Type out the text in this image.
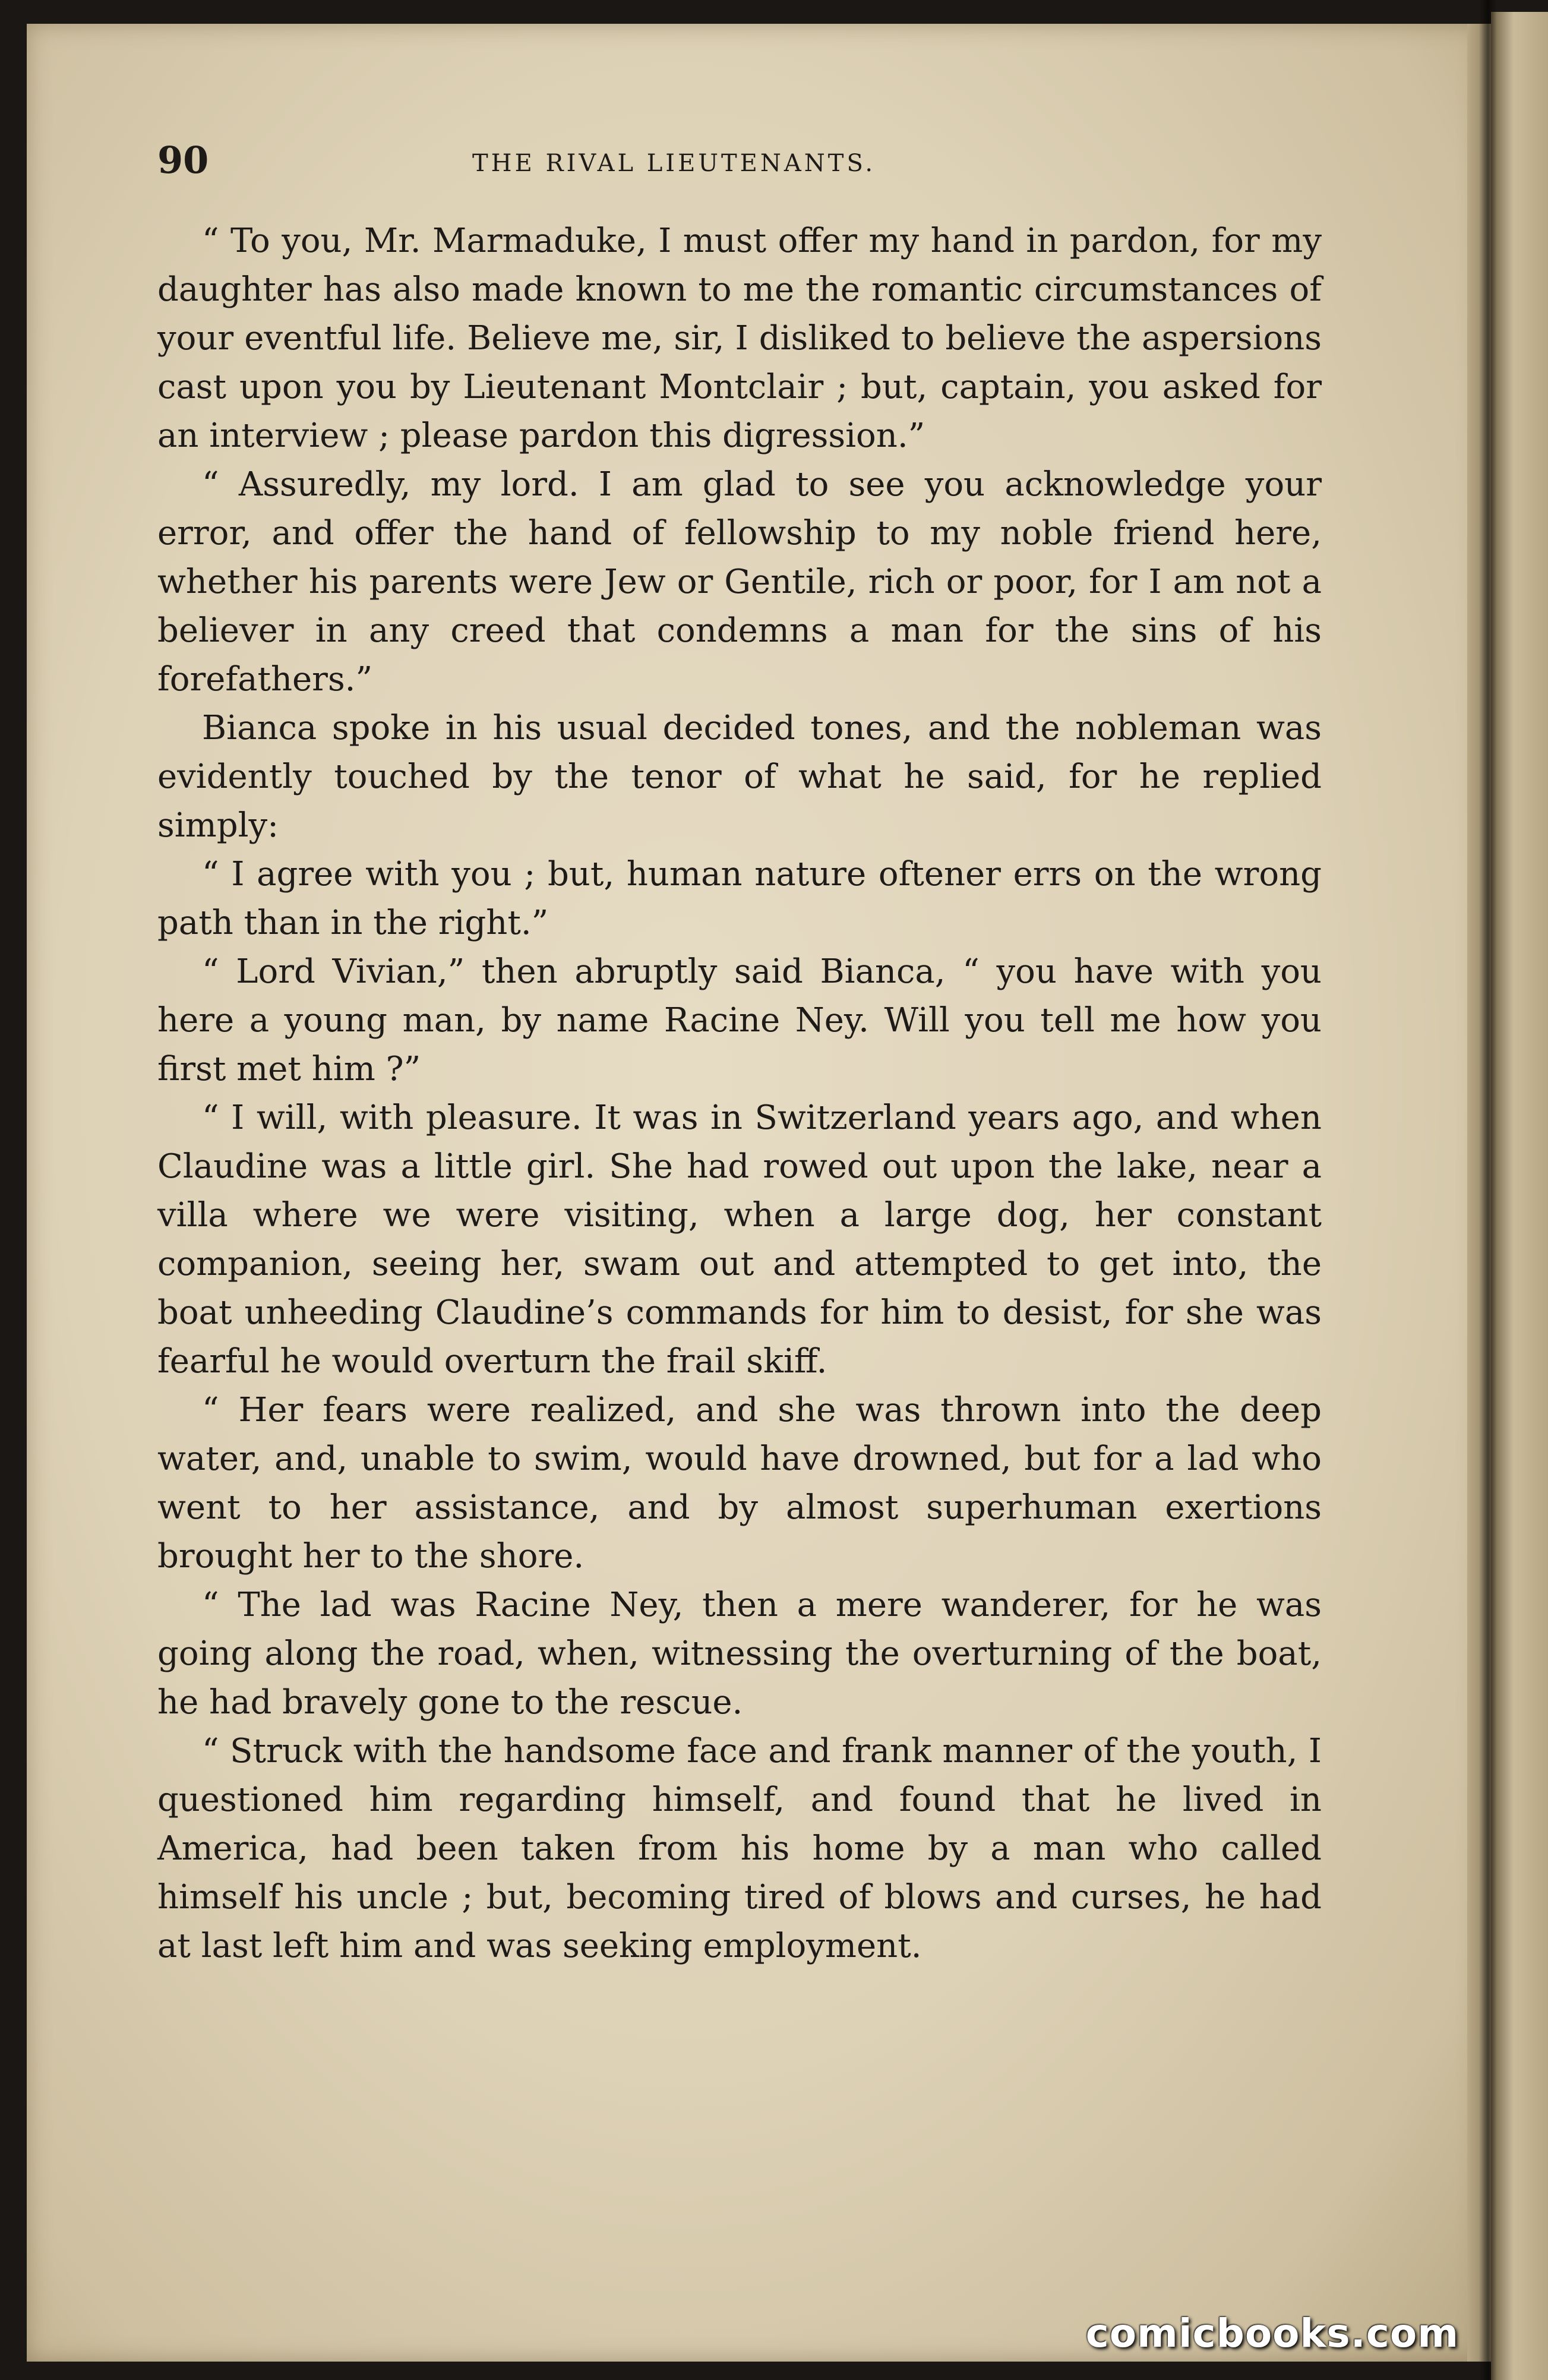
90	THE RIVAL LIEUTENANTS.

“ To you, Mr. Marmaduke, I must offer my hand in pardon, for my daughter has also made known to me the romantic circumstances of your eventful life. Believe me, sir, I disliked to believe the aspersions cast upon you by Lieutenant Montclair ; but, captain, you asked for an interview ; please pardon this digression.”

“ Assuredly, my lord. I am glad to see you acknowledge your error, and offer the hand of fellowship to my noble friend here, whether his parents were Jew or Gentile, rich or poor, for I am not a believer in any creed that condemns a man for the sins of his forefathers.”

Bianca spoke in his usual decided tones, and the nobleman was evidently touched by the tenor of what he said, for he replied simply:

“ I agree with you ; but, human nature oftener errs on the wrong path than in the right.”

“ Lord Vivian,” then abruptly said Bianca, “ you have with you here a young man, by name Racine Ney. Will you tell me how you first met him ?”

“ I will, with pleasure. It was in Switzerland years ago, and when Claudine was a little girl. She had rowed out upon the lake, near a villa where we were visiting, when a large dog, her constant companion, seeing her, swam out and attempted to get into, the boat unheeding Claudine’s commands for him to desist, for she was fearful he would overturn the frail skiff.

“ Her fears were realized, and she was thrown into the deep water, and, unable to swim, would have drowned, but for a lad who went to her assistance, and by almost superhuman exertions brought her to the shore.

“ The lad was Racine Ney, then a mere wanderer, for he was going along the road, when, witnessing the overturning of the boat, he had bravely gone to the rescue.

“ Struck with the handsome face and frank manner of the youth, I questioned him regarding himself, and found that he lived in America, had been taken from his home by a man who called himself his uncle ; but, becoming tired of blows and curses, he had at last left him and was seeking employment.

comicbooks.com
